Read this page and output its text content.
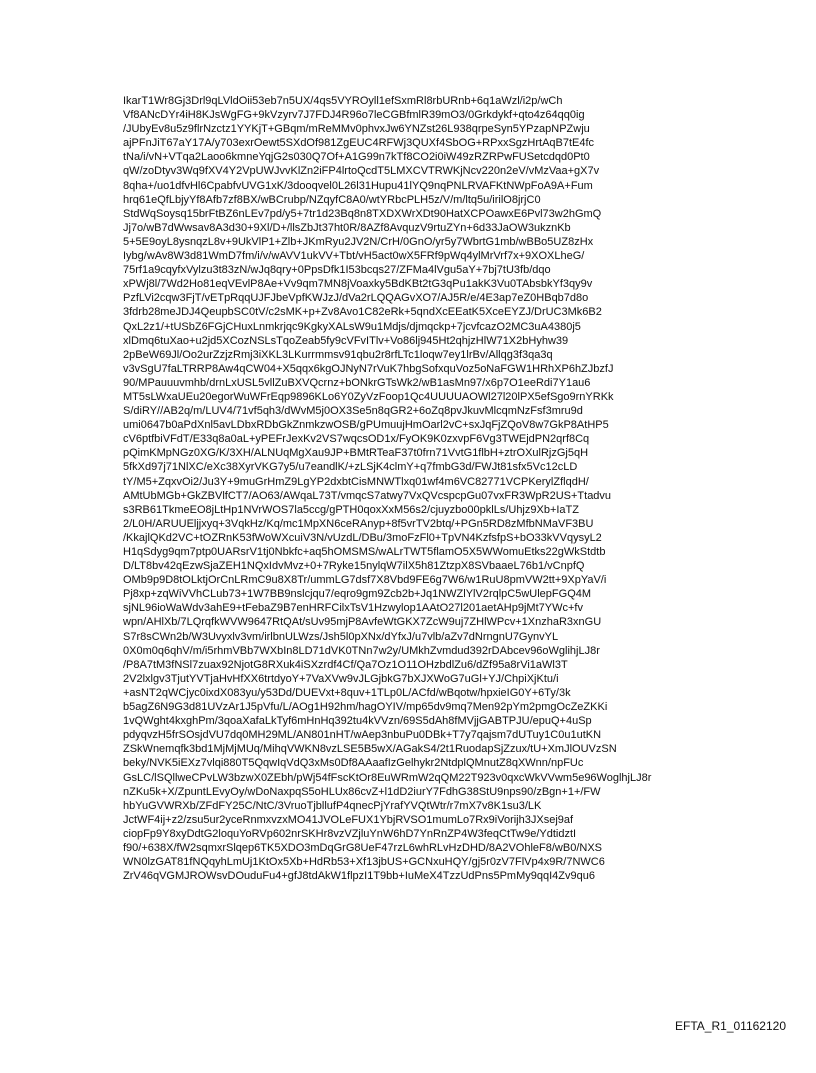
IkarT1Wr8Gj3Drl9qLVldOii53eb7n5UX/4qs5VYROyll1efSxmRl8rbURnb+6q1aWzl/i2p/wCh
Vf8ANcDYr4iH8KJsWgFG+9kVzyrv7J7FDJ4R96o7leCGBfmlR39mO3/0Grkdykf+qto4z64qq0ig
/JUbyEv8u5z9flrNzctz1YYKjT+GBqm/mReMMv0phvxJw6YNZst26L938qrpeSyn5YPzapNPZwju
ajPFnJiT67aY17A/y703exrOewt5SXdOf981ZgEUC4RFWj3QUXf4SbOG+RPxxSgzHrtAqB7tE4fc
tNa/i/vN+VTqa2Laoo6kmneYqjG2s030Q7Of+A1G99n7kTf8CO2i0iW49zRZRPwFUSetcdqd0Pt0
qW/zoDtyv3Wq9fXV4Y2VpUWJvvKlZn2iFP4lrtoQcdT5LMXCVTRWKjNcv220n2eV/vMzVaa+gX7v
8qha+/uo1dfvHl6CpabfvUVG1xK/3dooqvel0L26l31Hupu41lYQ9nqPNLRVAFKtNWpFoA9A+Fum
hrq61eQfLbjyYf8Afb7zf8BX/wBCrubp/NZqyfC8A0/wtYRbcPLH5z/V/m/ltq5u/irilO8jrjC0
StdWqSoysq15brFtBZ6nLEv7pd/y5+7tr1d23Bq8n8TXDXWrXDt90HatXCPOawxE6Pvl73w2hGmQ
Jj7o/wB7dWwsav8A3d30+9Xl/D+/llsZbJt37ht0R/8AZf8AvquzV9rtuZYn+6d33JaOW3ukznKb
5+5E9oyL8ysnqzL8v+9UkVlP1+Zlb+JKmRyu2JV2N/CrH/0GnO/yr5y7WbrtG1mb/wBBo5UZ8zHx
Iybg/wAv8W3d81WmD7fm/i/v/wAVV1ukVV+Tbt/vH5act0wX5FRf9pWq4ylMrVrf7x+9XOXLheG/
75rf1a9cqyfxVylzu3t83zN/wJq8qry+0PpsDfk1I53bcqs27/ZFMa4lVgu5aY+7bj7tU3fb/dqo
xPWj8l/7Wd2Ho81eqVEvlP8Ae+Vv9qm7MN8jVoaxky5BdKBt2tG3qPu1akK3Vu0TAbsbkYf3qy9v
PzfLVi2cqw3FjT/vETpRqqUJFJbeVpfKWJzJ/dVa2rLQQAGvXO7/AJ5R/e/4E3ap7eZ0HBqb7d8o
3fdrb28meJDJ4QeupbSC0tV/c2sMK+p+Zv8Avo1C82eRk+5qndXcEEatK5XceEYZJ/DrUC3Mk6B2
QxL2z1/+tUSbZ6FGjCHuxLnmkrjqc9KgkyXALsW9u1Mdjs/djmqckp+7jcvfcazO2MC3uA4380j5
xlDmq6tuXao+u2jd5XCozNSLsTqoZeab5fy9cVFvITlv+Vo86lj945Ht2qhjzHlW71X2bHyhw39
2pBeW69Jl/Oo2urZzjzRmj3iXKL3LKurrmmsv91qbu2r8rfLTc1loqw7ey1lrBv/Allqg3f3qa3q
v3vSgU7faLTRRP8Aw4qCW04+X5qqx6kgOJNyN7rVuK7hbgSofxquVoz5oNaFGW1HRhXP6hZJbzfJ
90/MPauuuvmhb/drnLxUSL5vllZuBXVQcrnz+bONkrGTsWk2/wB1asMn97/x6p7O1eeRdi7Y1au6
MT5sLWxaUEu20egorWuWFrEqp9896KLo6Y0ZyVzFoop1Qc4UUUUAOWl27l20lPX5efSgo9rnYRKk
S/diRY//AB2q/m/LUV4/71vf5qh3/dWvM5j0OX3Se5n8qGR2+6oZq8pvJkuvMlcqmNzFsf3mru9d
umi0647b0aPdXnl5avLDbxRDbGkZnmkzwOSB/gPUmuujHmOarl2vC+sxJqFjZQoV8w7GkP8AtHP5
cV6ptfbiVFdT/E33q8a0aL+yPEFrJexKv2VS7wqcsOD1x/FyOK9K0zxvpF6Vg3TWEjdPN2qrf8Cq
pQimKMpNGz0XG/K/3XH/ALNUqMgXau9JP+BMtRTeaF37t0frn71VvtG1flbH+ztrOXulRjzGj5qH
5fkXd97j71NlXC/eXc38XyrVKG7y5/u7eandlK/+zLSjK4clmY+q7fmbG3d/FWJt81sfx5Vc12cLD
tY/M5+ZqxvOi2/Ju3Y+9muGrHmZ9LgYP2dxbtCisMNWTlxq01wf4m6VC82771VCPKerylZflqdH/
AMtUbMGb+GkZBVlfCT7/AO63/AWqaL73T/vmqcS7atwy7VxQVcspcpGu07vxFR3WpR2US+Ttadvu
s3RB61TkmeEO8jLtHp1NVrWOS7la5ccg/gPTH0qoxXxM56s2/cjuyzbo00pklLs/Uhjz9Xb+IaTZ
2/L0H/ARUUEljjxyq+3VqkHz/Kq/mc1MpXN6ceRAnyp+8f5vrTV2btq/+PGn5RD8zMfbNMaVF3BU
/KkajlQKd2VC+tOZRnK53fWoWXcuiV3N/vUzdL/DBu/3moFzFl0+TpVN4KzfsfpS+bO33kVVqysyL2
H1qSdyg9qm7ptp0UARsrV1tj0Nbkfc+aq5hOMSMS/wALrTWT5flamO5X5WWomuEtks22gWkStdtb
D/LT8bv42qEzwSjaZEH1NQxIdvMvz+0+7Ryke15nylqW7ilX5h81ZtzpX8SVbaaeL76b1/vCnpfQ
OMb9p9D8tOLktjOrCnLRmC9u8X8Tr/ummLG7dsf7X8Vbd9FE6g7W6/w1RuU8pmVW2tt+9XpYaV/i
Pj8xp+zqWiVVhCLub73+1W7BB9nslcjqu7/eqro9gm9Zcb2b+Jq1NWZlYlV2rqlpC5wUlepFGQ4M
sjNL96ioWaWdv3ahE9+tFebaZ9B7enHRFCilxTsV1Hzwylop1AAtO27l201aetAHp9jMt7YWc+fv
wpn/AHlXb/7LQrqfkWVW9647RtQAt/sUv95mjP8AvfeWtGKX7ZcW9uj7ZHlWPcv+1XnzhaR3xnGU
S7r8sCWn2b/W3Uvyxlv3vm/irlbnULWzs/Jsh5l0pXNx/dYfxJ/u7vlb/aZv7dNrngnU7GynvYL
0X0m0q6qhV/m/i5rhmVBb7WXbIn8LD71dVK0TNn7w2y/UMkhZvmdud392rDAbcev96oWglihjLJ8r
/P8A7tM3fNSl7zuax92NjotG8RXuk4iSXzrdf4Cf/Qa7Oz1O11OHzbdlZu6/dZf95a8rVi1aWl3T
2V2lxlgv3TjutYVTjaHvHfXX6trtdyoY+7VaXVw9vJLGjbkG7bXJXWoG7uGl+YJ/ChpiXjKtu/i
+asNT2qWCjyc0ixdX083yu/y53Dd/DUEVxt+8quv+1TLp0L/ACfd/wBqotw/hpxieIG0Y+6Ty/3k
b5agZ6N9G3d81UVzAr1J5pVfu/L/AOg1H92hm/hagOYIV/mp65dv9mq7Men92pYm2pmgOcZeZKKi
1vQWght4kxghPm/3qoaXafaLkTyf6mHnHq392tu4kVVzn/69S5dAh8fMVjjGABTPJU/epuQ+4uSp
pdyqvzH5frSOsjdVU7dq0MH29ML/AN801nHT/wAep3nbuPu0DBk+T7y7qajsm7dUTuy1C0u1utKN
ZSkWnemqfk3bd1MjMjMUq/MihqVWKN8vzLSE5B5wX/AGakS4/2t1RuodapSjZzux/tU+XmJlOUVzSN
beky/NVK5iEXz7vlqi880T5QqwIqVdQ3xMs0Df8AAaafIzGelhykr2NtdplQMnutZ8qXWnn/npFUc
GsLC/lSQllweCPvLW3bzwX0ZEbh/pWj54fFscKtOr8EuWRmW2qQM22T923v0qxcWkVVwm5e96WoglhjLJ8r
nZKu5k+X/ZpuntLEvyOy/wDoNaxpqS5oHLUx86cvZ+l1dD2iurY7FdhG38StU9nps90/zBgn+1+/FW
hbYuGVWRXb/ZFdFY25C/NtC/3VruoTjbllufP4qnecPjYrafYVQtWtr/r7mX7v8K1su3/LK
JctWF4ij+z2/zsu5ur2yceRnmxvzxMO41JVOLeFUX1YbjRVSO1mumLo7Rx9iVorijh3JXsej9af
ciopFp9Y8xyDdtG2loquYoRVp602nrSKHr8vzVZjluYnW6hD7YnRnZP4W3feqCtTw9e/YdtidztI
f90/+638X/fW2sqmxrSlqep6TK5XDO3mDqGrG8UeF47rzL6whRLvHzDHD/8A2VOhleF8/wB0/NXS
WN0lzGAT81fNQqyhLmUj1KtOx5Xb+HdRb53+Xf13jbUS+GCNxuHQY/gj5r0zV7FlVp4x9R/7NWC6
ZrV46qVGMJROWsvDOuduFu4+gfJ8tdAkW1flpzI1T9bb+IuMeX4TzzUdPns5PmMy9qqI4Zv9qu6
EFTA_R1_01162120
